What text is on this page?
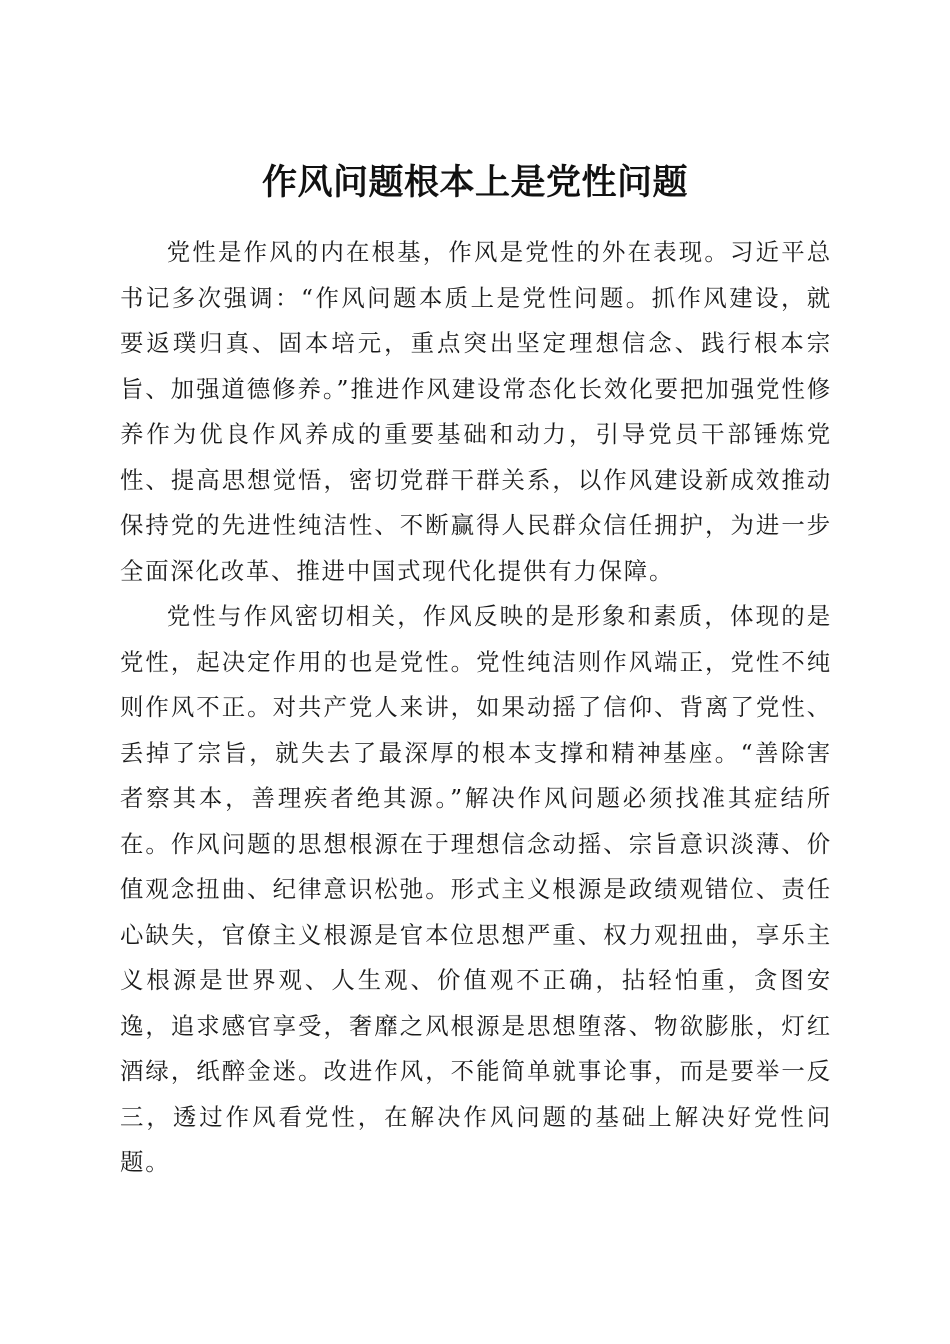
作风问题根本上是党性问题

党性是作风的内在根基，作风是党性的外在表现。习近平总书记多次强调：“作风问题本质上是党性问题。抓作风建设，就要返璞归真、固本培元，重点突出坚定理想信念、践行根本宗旨、加强道德修养。”推进作风建设常态化长效化要把加强党性修养作为优良作风养成的重要基础和动力，引导党员干部锤炼党性、提高思想觉悟，密切党群干群关系，以作风建设新成效推动保持党的先进性纯洁性、不断赢得人民群众信任拥护，为进一步全面深化改革、推进中国式现代化提供有力保障。

党性与作风密切相关，作风反映的是形象和素质，体现的是党性，起决定作用的也是党性。党性纯洁则作风端正，党性不纯则作风不正。对共产党人来讲，如果动摇了信仰、背离了党性、丢掉了宗旨，就失去了最深厚的根本支撑和精神基座。“善除害者察其本，善理疾者绝其源。”解决作风问题必须找准其症结所在。作风问题的思想根源在于理想信念动摇、宗旨意识淡薄、价值观念扭曲、纪律意识松弛。形式主义根源是政绩观错位、责任心缺失，官僚主义根源是官本位思想严重、权力观扭曲，享乐主义根源是世界观、人生观、价值观不正确，拈轻怕重，贪图安逸，追求感官享受，奢靡之风根源是思想堕落、物欲膨胀，灯红酒绿，纸醉金迷。改进作风，不能简单就事论事，而是要举一反三，透过作风看党性，在解决作风问题的基础上解决好党性问题。
